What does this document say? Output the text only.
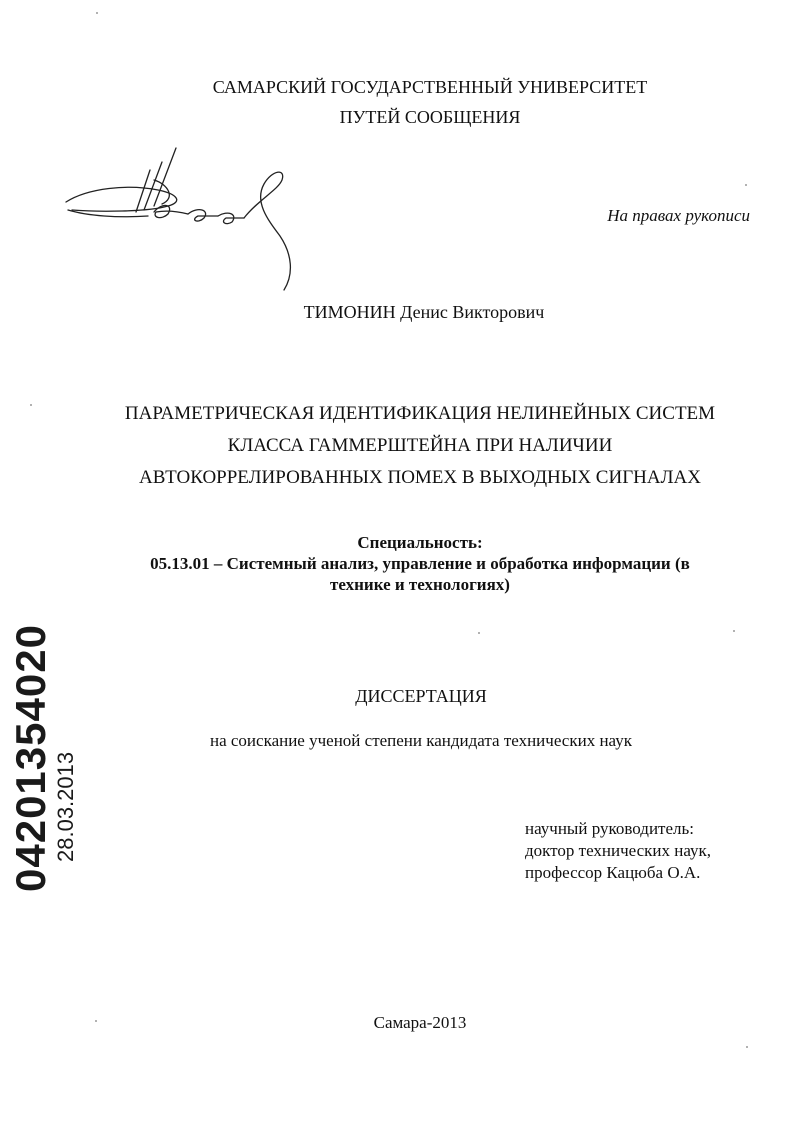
САМАРСКИЙ ГОСУДАРСТВЕННЫЙ УНИВЕРСИТЕТ
ПУТЕЙ СООБЩЕНИЯ
На правах рукописи
ТИМОНИН Денис Викторович
ПАРАМЕТРИЧЕСКАЯ ИДЕНТИФИКАЦИЯ НЕЛИНЕЙНЫХ СИСТЕМ
КЛАССА ГАММЕРШТЕЙНА ПРИ НАЛИЧИИ
АВТОКОРРЕЛИРОВАННЫХ ПОМЕХ В ВЫХОДНЫХ СИГНАЛАХ
Специальность:
05.13.01 – Системный анализ, управление и обработка информации (в
технике и технологиях)
ДИССЕРТАЦИЯ
на соискание ученой степени кандидата технических наук
научный руководитель:
доктор технических наук,
профессор Кацюба О.А.
Самара-2013
04201354020 28.03.2013
